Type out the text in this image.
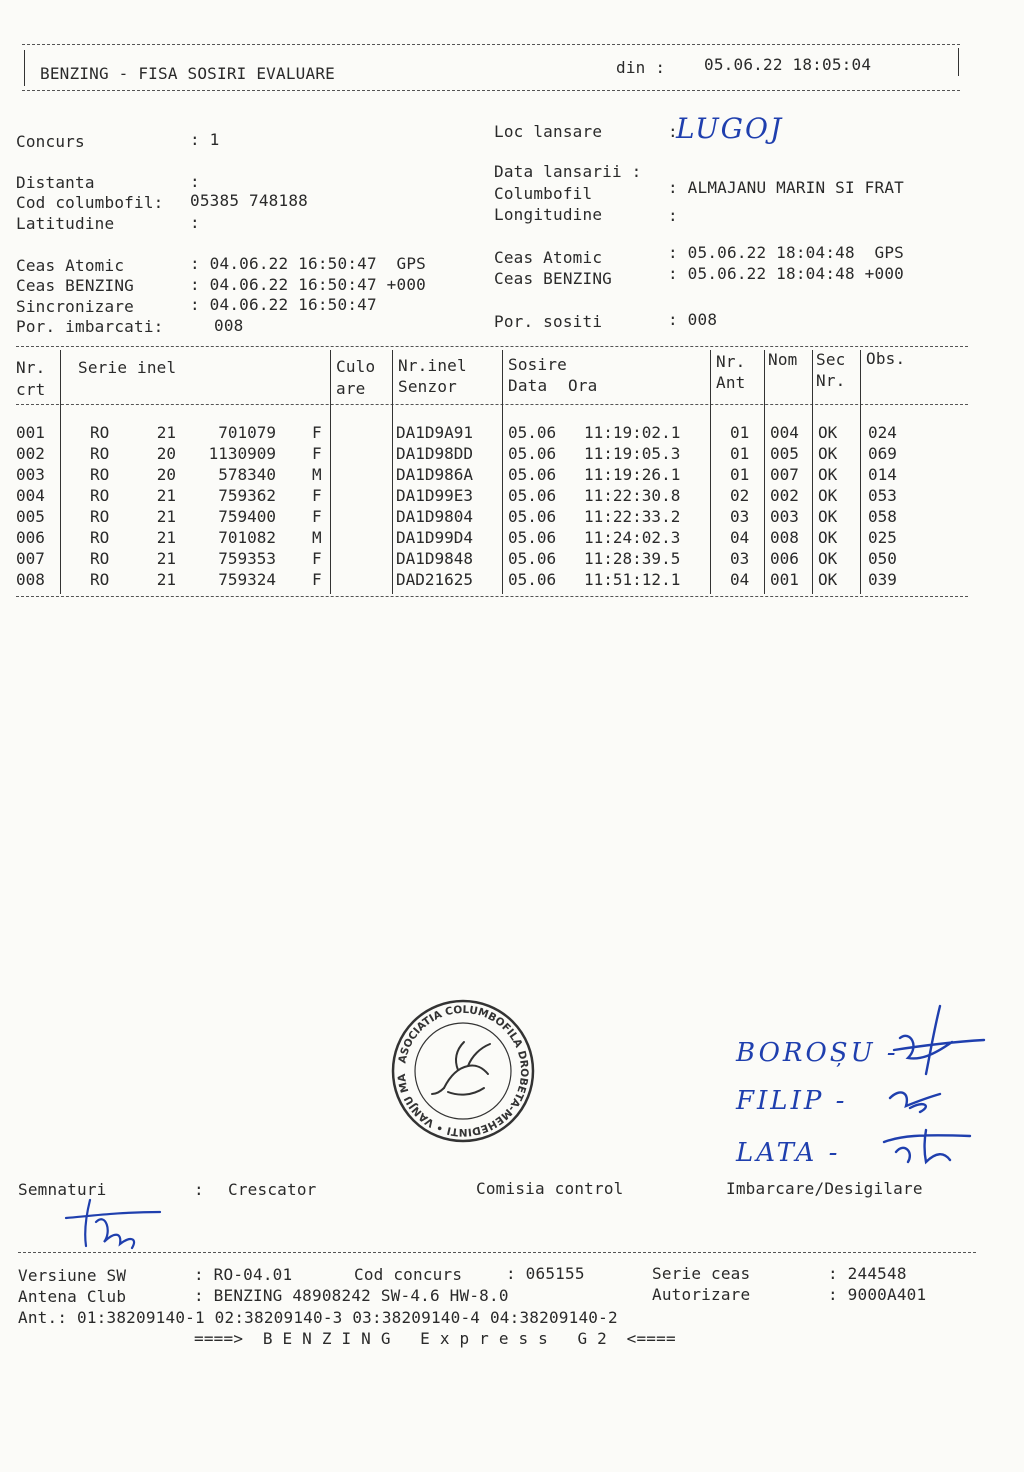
BENZING - FISA SOSIRI EVALUARE	din : 05.06.22 18:05:04
Concurs	: 1
Distanta	:
Cod columbofil: 05385 748188
Latitudine	:
Ceas Atomic	: 04.06.22 16:50:47  GPS
Ceas BENZING	: 04.06.22 16:50:47 +000
Sincronizare	: 04.06.22 16:50:47
Por. imbarcati:	008
Loc lansare	:
LUGOJ
Data lansarii :
Columbofil	: ALMAJANU MARIN SI FRAT
Longitudine	:
Ceas Atomic	: 05.06.22 18:04:48  GPS
Ceas BENZING	: 05.06.22 18:04:48 +000
Por. sositi	: 008
Nr.
crt
Serie inel	Culo
are
Nr.inel
Senzor
Sosire
Data Ora
Nr.
Ant
Nom Sec
Nr.
Obs.
001	RO	21	701079 F	DA1D9A91 05.06 11:19:02.1	01 004 OK 024
002	RO	20	1130909 F	DA1D98DD 05.06 11:19:05.3	01 005 OK 069
003	RO	20	578340 M	DA1D986A 05.06 11:19:26.1	01 007 OK 014
004	RO	21	759362 F	DA1D99E3 05.06 11:22:30.8	02 002 OK 053
005	RO	21	759400 F	DA1D9804 05.06 11:22:33.2	03 003 OK 058
006	RO	21	701082 M	DA1D99D4 05.06 11:24:02.3	04 008 OK 025
007	RO	21	759353 F	DA1D9848 05.06 11:28:39.5	03 006 OK 050
008	RO	21	759324 F	DAD21625 05.06 11:51:12.1	04 001 OK 039
ASOCIATIA COLUMBOFILA DROBETA-MEHEDINTI • VANJU MARE •
BOROȘU -
FILIP -
LATA -
Semnaturi	: Crescator	Comisia control	Imbarcare/Desigilare
Versiune SW	: RO-04.01	Cod concurs	: 065155	Serie ceas	: 244548
Antena Club	: BENZING 48908242 SW-4.6 HW-8.0	Autorizare	: 9000A401
Ant.: 01:38209140-1 02:38209140-3 03:38209140-4 04:38209140-2
====>  B E N Z I N G   E x p r e s s   G 2  <====
